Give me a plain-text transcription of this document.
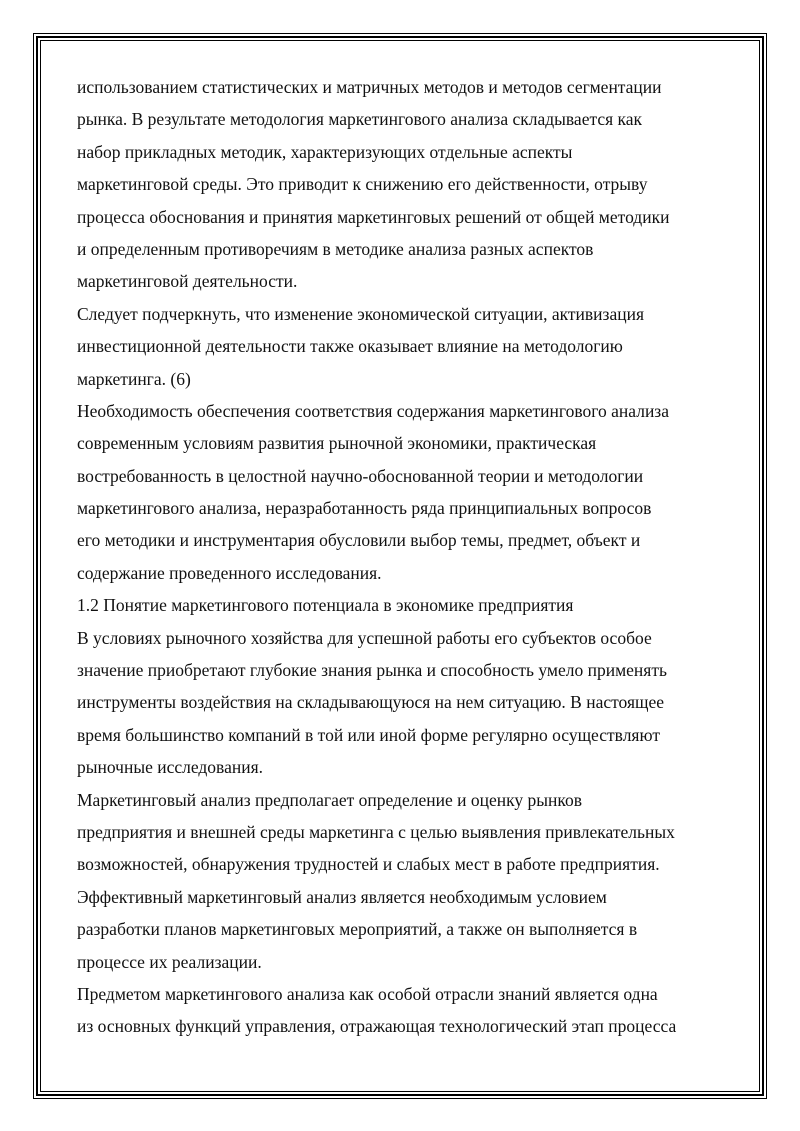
использованием статистических и матричных методов и методов сегментации
рынка. В результате методология маркетингового анализа складывается как
набор прикладных методик, характеризующих отдельные аспекты
маркетинговой среды. Это приводит к снижению его действенности, отрыву
процесса обоснования и принятия маркетинговых решений от общей методики
и определенным противоречиям в методике анализа разных аспектов
маркетинговой деятельности.
Следует подчеркнуть, что изменение экономической ситуации, активизация
инвестиционной деятельности также оказывает влияние на методологию
маркетинга. (6)
Необходимость обеспечения соответствия содержания маркетингового анализа
современным условиям развития рыночной экономики, практическая
востребованность в целостной научно-обоснованной теории и методологии
маркетингового анализа, неразработанность ряда принципиальных вопросов
его методики и инструментария обусловили выбор темы, предмет, объект и
содержание проведенного исследования.
1.2 Понятие маркетингового потенциала в экономике предприятия
В условиях рыночного хозяйства для успешной работы его субъектов особое
значение приобретают глубокие знания рынка и способность умело применять
инструменты воздействия на складывающуюся на нем ситуацию. В настоящее
время большинство компаний в той или иной форме регулярно осуществляют
рыночные исследования.
Маркетинговый анализ предполагает определение и оценку рынков
предприятия и внешней среды маркетинга с целью выявления привлекательных
возможностей, обнаружения трудностей и слабых мест в работе предприятия.
Эффективный маркетинговый анализ является необходимым условием
разработки планов маркетинговых мероприятий, а также он выполняется в
процессе их реализации.
Предметом маркетингового анализа как особой отрасли знаний является одна
из основных функций управления, отражающая технологический этап процесса
